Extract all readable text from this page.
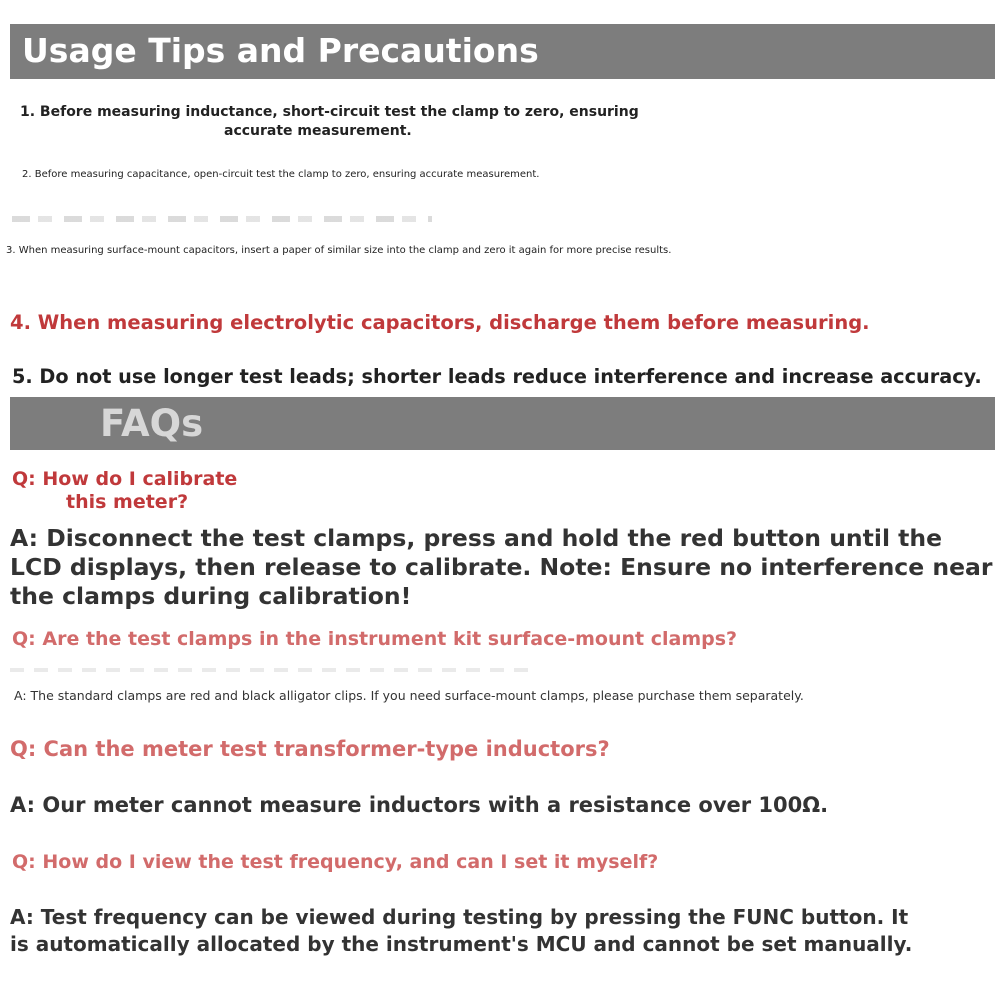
Usage Tips and Precautions

1. Before measuring inductance, short-circuit test the clamp to zero, ensuring

accurate measurement.

2. Before measuring capacitance, open-circuit test the clamp to zero, ensuring accurate measurement.

3. When measuring surface-mount capacitors, insert a paper of similar size into the clamp and zero it again for more precise results.

4. When measuring electrolytic capacitors, discharge them before measuring.

5. Do not use longer test leads; shorter leads reduce interference and increase accuracy.

FAQs

Q: How do I calibrate

this meter?

A: Disconnect the test clamps, press and hold the red button until the

LCD displays, then release to calibrate. Note: Ensure no interference near

the clamps during calibration!

Q: Are the test clamps in the instrument kit surface-mount clamps?

A: The standard clamps are red and black alligator clips. If you need surface-mount clamps, please purchase them separately.

Q: Can the meter test transformer-type inductors?

A: Our meter cannot measure inductors with a resistance over 100Ω.

Q: How do I view the test frequency, and can I set it myself?

A: Test frequency can be viewed during testing by pressing the FUNC button. It

is automatically allocated by the instrument's MCU and cannot be set manually.
